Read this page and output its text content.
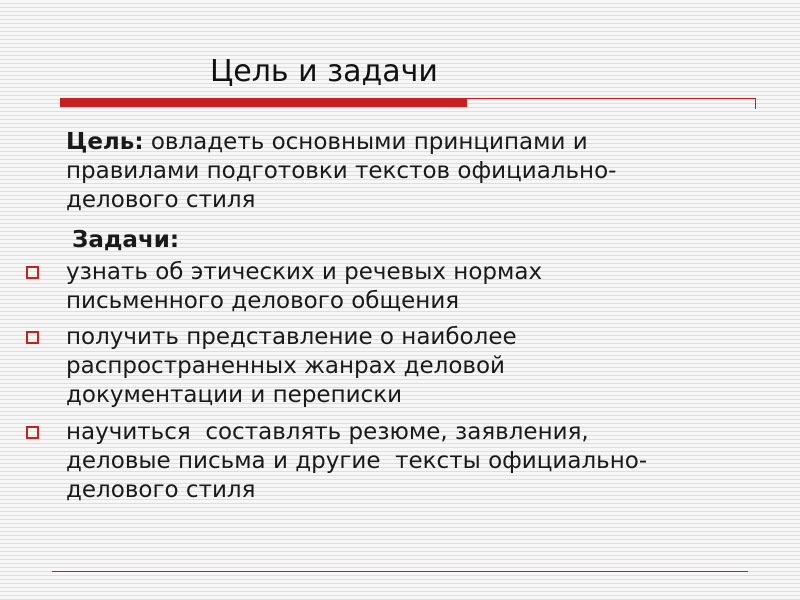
Цель и задачи
Цель: овладеть основными принципами и
правилами подготовки текстов официально-
делового стиля
Задачи:
узнать об этических и речевых нормах
письменного делового общения
получить представление о наиболее
распространенных жанрах деловой
документации и переписки
научиться  составлять резюме, заявления,
деловые письма и другие  тексты официально-
делового стиля
